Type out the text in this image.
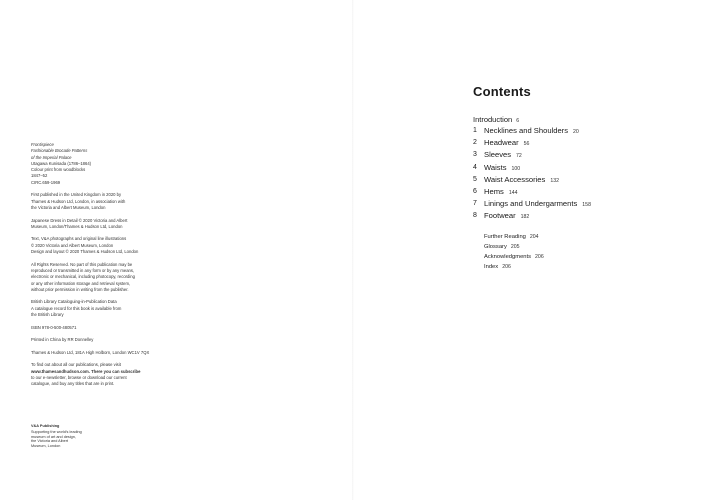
Frontispiece
Fashionable Brocade Patterns
of the Imperial Palace
Utagawa Kunisada (1786–1864)
Colour print from woodblocks
1847–52
CIRC.659-1969
First published in the United Kingdom in 2020 by
Thames & Hudson Ltd, London, in association with
the Victoria and Albert Museum, London
Japanese Dress in Detail © 2020 Victoria and Albert
Museum, London/Thames & Hudson Ltd, London
Text, V&A photographs and original line illustrations
© 2020 Victoria and Albert Museum, London
Design and layout © 2020 Thames & Hudson Ltd, London
All Rights Reserved. No part of this publication may be
reproduced or transmitted in any form or by any means,
electronic or mechanical, including photocopy, recording
or any other information storage and retrieval system,
without prior permission in writing from the publisher.
British Library Cataloguing-in-Publication Data
A catalogue record for this book is available from
the British Library
ISBN 978-0-500-480571
Printed in China by RR Donnelley
Thames & Hudson Ltd, 181A High Holborn, London WC1V 7QX
To find out about all our publications, please visit
www.thamesandhudson.com. There you can subscribe
to our e-newsletter, browse or download our current
catalogue, and buy any titles that are in print.
V&A Publishing
Supporting the world's leading
museum of art and design,
the Victoria and Albert
Museum, London
Contents
Introduction 6
1 Necklines and Shoulders 20
2 Headwear 56
3 Sleeves 72
4 Waists 100
5 Waist Accessories 132
6 Hems 144
7 Linings and Undergarments 158
8 Footwear 182
Further Reading 204
Glossary 205
Acknowledgments 206
Index 206
